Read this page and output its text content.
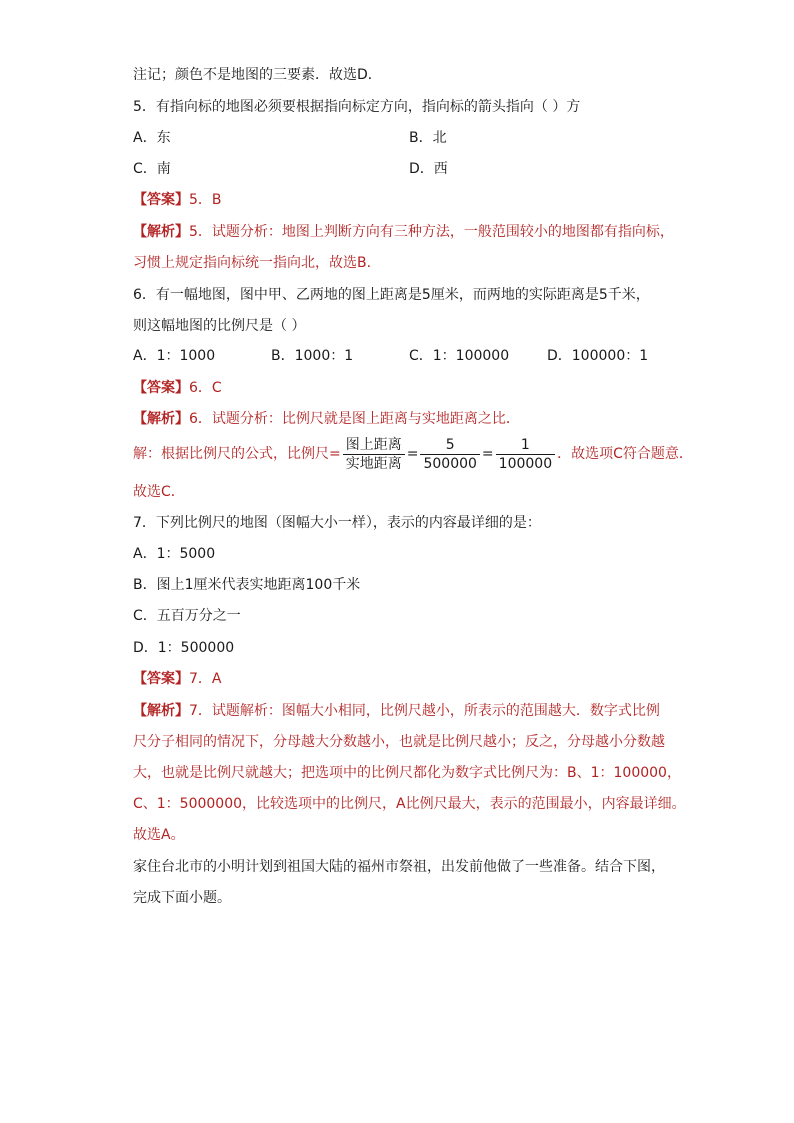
注记；颜色不是地图的三要素．故选D．
5．有指向标的地图必须要根据指向标定方向，指向标的箭头指向（ ）方
A．东	B．北
C．南	D．西
【答案】5．B
【解析】5．试题分析：地图上判断方向有三种方法，一般范围较小的地图都有指向标，
习惯上规定指向标统一指向北，故选B.
6．有一幅地图，图中甲、乙两地的图上距离是5厘米，而两地的实际距离是5千米，
则这幅地图的比例尺是（ ）
A．1：1000	B．1000：1	C．1：100000	D．100000：1
【答案】6．C
【解析】6．试题分析：比例尺就是图上距离与实地距离之比．
解：根据比例尺的公式，比例尺= $\frac{\text{图上距离}}{\text{实地距离}} = \frac{5}{500000} = \frac{1}{100000}$ ．故选项C符合题意．
故选C．
7．下列比例尺的地图（图幅大小一样），表示的内容最详细的是：
A．1：5000
B．图上1厘米代表实地距离100千米
C．五百万分之一
D．1：500000
【答案】7．A
【解析】7．试题解析：图幅大小相同，比例尺越小，所表示的范围越大．数字式比例
尺分子相同的情况下，分母越大分数越小，也就是比例尺越小；反之，分母越小分数越
大，也就是比例尺就越大；把选项中的比例尺都化为数字式比例尺为：B、1：100000，
C、1：5000000，比较选项中的比例尺，A比例尺最大，表示的范围最小，内容最详细。
故选A。
家住台北市的小明计划到祖国大陆的福州市祭祖，出发前他做了一些准备。结合下图，
完成下面小题。
